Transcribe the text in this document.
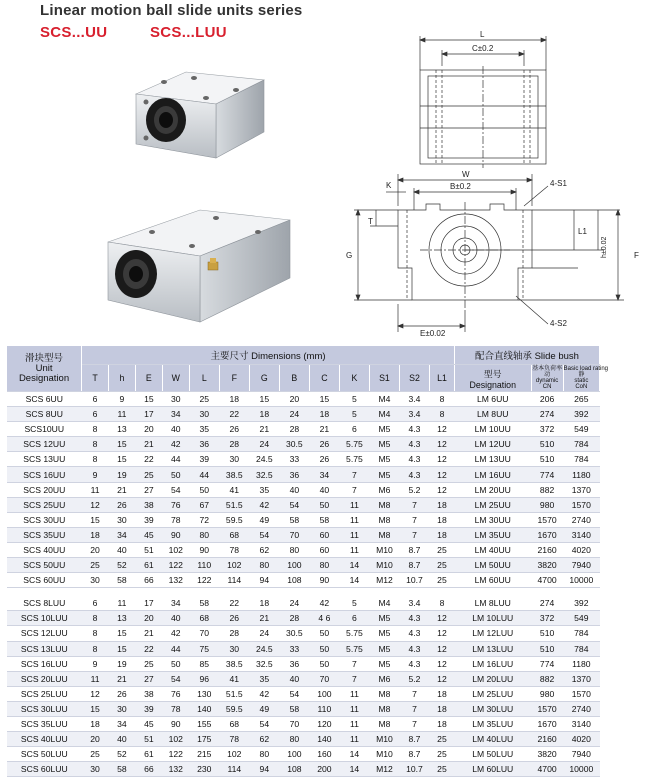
Linear motion ball slide units series
SCS...UU	SCS...LUU	L
C±0.2
W
B±0.2
K
T
G
E±0.02
4-S1
4-S2
L1
h±0.02	F
滑块型号
Unit
Designation	主要尺寸 Dimensions (mm)													配合直线轴承 Slide bush		
	T	h	E	W	L	F	G	B	C	K	S1	S2	L1	型号
Designation	基本负荷率
动
dynamic
CN	Basic load rating
静
static
CoN

SCS 6UU	6	9	15	30	25	18	15	20	15	5	M4	3.4	8	LM 6UU	206	265
SCS 8UU	6	11	17	34	30	22	18	24	18	5	M4	3.4	8	LM 8UU	274	392
SCS10UU	8	13	20	40	35	26	21	28	21	6	M5	4.3	12	LM 10UU	372	549
SCS 12UU	8	15	21	42	36	28	24	30.5	26	5.75	M5	4.3	12	LM 12UU	510	784
SCS 13UU	8	15	22	44	39	30	24.5	33	26	5.75	M5	4.3	12	LM 13UU	510	784
SCS 16UU	9	19	25	50	44	38.5	32.5	36	34	7	M5	4.3	12	LM 16UU	774	1180
SCS 20UU	11	21	27	54	50	41	35	40	40	7	M6	5.2	12	LM 20UU	882	1370
SCS 25UU	12	26	38	76	67	51.5	42	54	50	11	M8	7	18	LM 25UU	980	1570
SCS 30UU	15	30	39	78	72	59.5	49	58	58	11	M8	7	18	LM 30UU	1570	2740
SCS 35UU	18	34	45	90	80	68	54	70	60	11	M8	7	18	LM 35UU	1670	3140
SCS 40UU	20	40	51	102	90	78	62	80	60	11	M10	8.7	25	LM 40UU	2160	4020
SCS 50UU	25	52	61	122	110	102	80	100	80	14	M10	8.7	25	LM 50UU	3820	7940
SCS 60UU	30	58	66	132	122	114	94	108	90	14	M12	10.7	25	LM 60UU	4700	10000

SCS 8LUU	6	11	17	34	58	22	18	24	42	5	M4	3.4	8	LM 8LUU	274	392
SCS 10LUU	8	13	20	40	68	26	21	28	4 6	6	M5	4.3	12	LM 10LUU	372	549
SCS 12LUU	8	15	21	42	70	28	24	30.5	50	5.75	M5	4.3	12	LM 12LUU	510	784
SCS 13LUU	8	15	22	44	75	30	24.5	33	50	5.75	M5	4.3	12	LM 13LUU	510	784
SCS 16LUU	9	19	25	50	85	38.5	32.5	36	50	7	M5	4.3	12	LM 16LUU	774	1180
SCS 20LUU	11	21	27	54	96	41	35	40	70	7	M6	5.2	12	LM 20LUU	882	1370
SCS 25LUU	12	26	38	76	130	51.5	42	54	100	11	M8	7	18	LM 25LUU	980	1570
SCS 30LUU	15	30	39	78	140	59.5	49	58	110	11	M8	7	18	LM 30LUU	1570	2740
SCS 35LUU	18	34	45	90	155	68	54	70	120	11	M8	7	18	LM 35LUU	1670	3140
SCS 40LUU	20	40	51	102	175	78	62	80	140	11	M10	8.7	25	LM 40LUU	2160	4020
SCS 50LUU	25	52	61	122	215	102	80	100	160	14	M10	8.7	25	LM 50LUU	3820	7940
SCS 60LUU	30	58	66	132	230	114	94	108	200	14	M12	10.7	25	LM 60LUU	4700	10000
